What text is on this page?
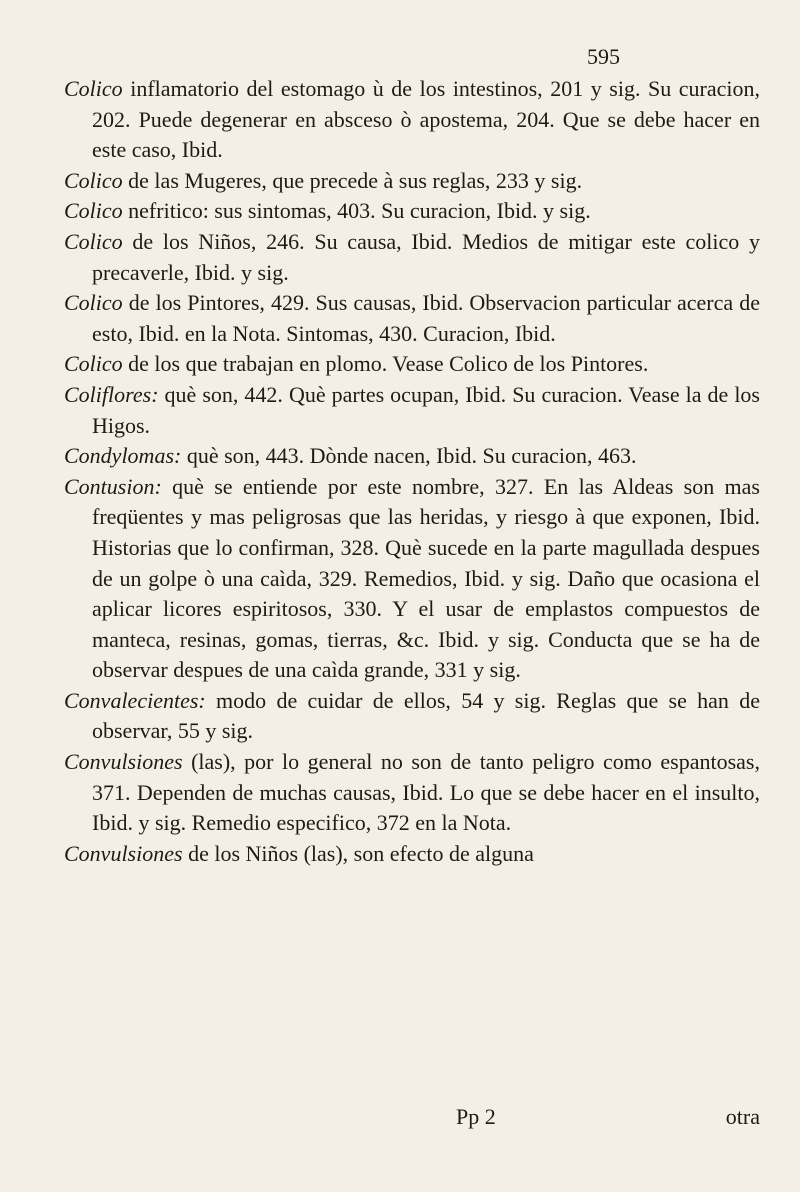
595

Colico inflamatorio del estomago ù de los intestinos, 201 y sig. Su curacion, 202. Puede degenerar en absceso ò apostema, 204. Que se debe hacer en este caso, Ibid.

Colico de las Mugeres, que precede à sus reglas, 233 y sig.

Colico nefritico: sus sintomas, 403. Su curacion, Ibid. y sig.

Colico de los Niños, 246. Su causa, Ibid. Medios de mitigar este colico y precaverle, Ibid. y sig.

Colico de los Pintores, 429. Sus causas, Ibid. Observacion particular acerca de esto, Ibid. en la Nota. Sintomas, 430. Curacion, Ibid.

Colico de los que trabajan en plomo. Vease Colico de los Pintores.

Coliflores: què son, 442. Què partes ocupan, Ibid. Su curacion. Vease la de los Higos.

Condylomas: què son, 443. Dònde nacen, Ibid. Su curacion, 463.

Contusion: què se entiende por este nombre, 327. En las Aldeas son mas freqüentes y mas peligrosas que las heridas, y riesgo à que exponen, Ibid. Historias que lo confirman, 328. Què sucede en la parte magullada despues de un golpe ò una caìda, 329. Remedios, Ibid. y sig. Daño que ocasiona el aplicar licores espiritosos, 330. Y el usar de emplastos compuestos de manteca, resinas, gomas, tierras, &c. Ibid. y sig. Conducta que se ha de observar despues de una caìda grande, 331 y sig.

Convalecientes: modo de cuidar de ellos, 54 y sig. Reglas que se han de observar, 55 y sig.

Convulsiones (las), por lo general no son de tanto peligro como espantosas, 371. Dependen de muchas causas, Ibid. Lo que se debe hacer en el insulto, Ibid. y sig. Remedio especifico, 372 en la Nota.

Convulsiones de los Niños (las), son efecto de alguna

Pp 2	otra
